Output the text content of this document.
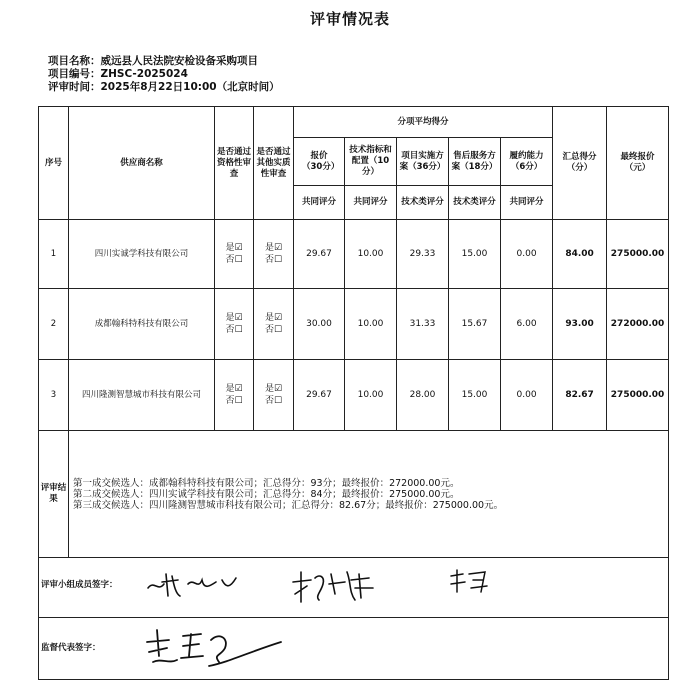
评审情况表
项目名称：威远县人民法院安检设备采购项目
项目编号：ZHSC-2025024
评审时间：2025年8月22日10:00（北京时间）
序号	供应商名称	是否通过资格性审查	是否通过其他实质性审查	分项平均得分					汇总得分（分）	最终报价（元）
				报价（30分）	技术指标和配置（10分）	项目实施方案（36分）	售后服务方案（18分）	履约能力（6分）		
				共同评分	共同评分	技术类评分	技术类评分	共同评分		
1	四川实诚学科技有限公司	是☑
否☐	是☑
否☐	29.67	10.00	29.33	15.00	0.00	84.00	275000.00
2	成都翰科特科技有限公司	是☑
否☐	是☑
否☐	30.00	10.00	31.33	15.67	6.00	93.00	272000.00
3	四川隆测智慧城市科技有限公司	是☑
否☐	是☑
否☐	29.67	10.00	28.00	15.00	0.00	82.67	275000.00
评审结果	第一成交候选人：成都翰科特科技有限公司；汇总得分：93分；最终报价：272000.00元。
第二成交候选人：四川实诚学科技有限公司；汇总得分：84分；最终报价：275000.00元。
第三成交候选人：四川隆测智慧城市科技有限公司；汇总得分：82.67分；最终报价：275000.00元。									

评审小组成员签字：										

监督代表签字：										
